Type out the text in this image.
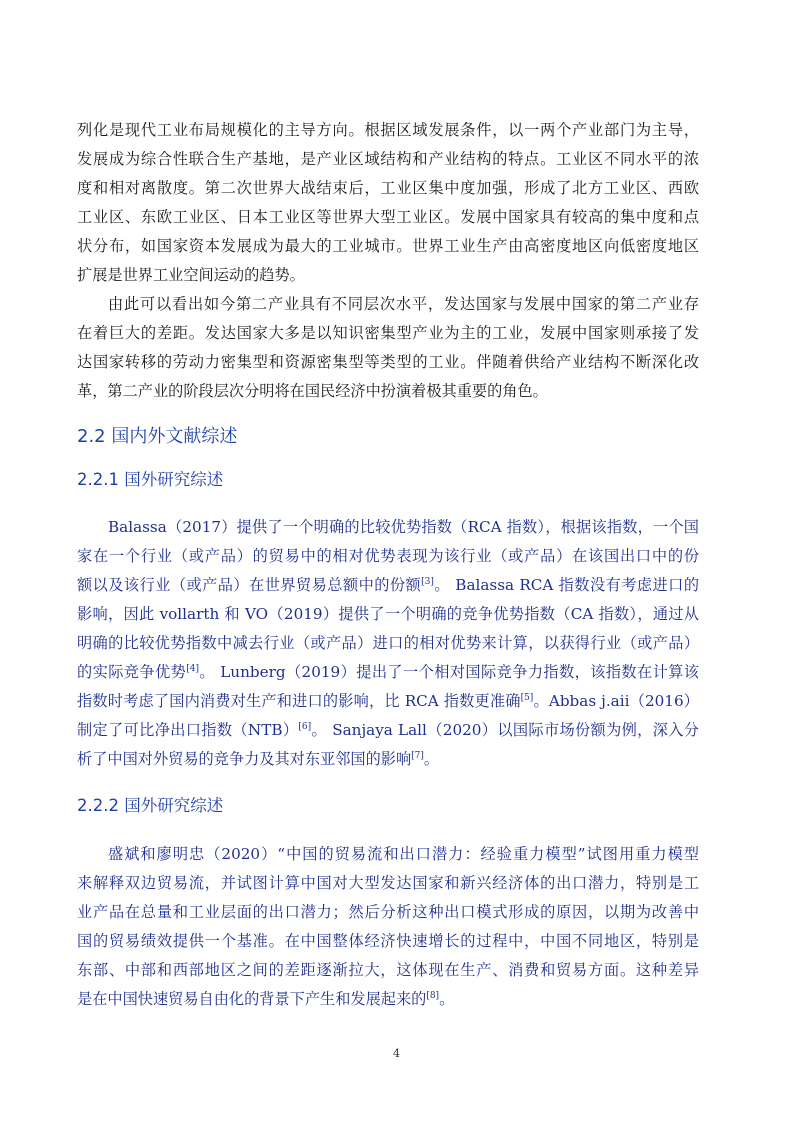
列化是现代工业布局规模化的主导方向。根据区域发展条件，以一两个产业部门为主导，
发展成为综合性联合生产基地，是产业区域结构和产业结构的特点。工业区不同水平的浓
度和相对离散度。第二次世界大战结束后，工业区集中度加强，形成了北方工业区、西欧
工业区、东欧工业区、日本工业区等世界大型工业区。发展中国家具有较高的集中度和点
状分布，如国家资本发展成为最大的工业城市。世界工业生产由高密度地区向低密度地区
扩展是世界工业空间运动的趋势。
由此可以看出如今第二产业具有不同层次水平，发达国家与发展中国家的第二产业存
在着巨大的差距。发达国家大多是以知识密集型产业为主的工业，发展中国家则承接了发
达国家转移的劳动力密集型和资源密集型等类型的工业。伴随着供给产业结构不断深化改
革，第二产业的阶段层次分明将在国民经济中扮演着极其重要的角色。
2.2 国内外文献综述
2.2.1 国外研究综述
Balassa（2017）提供了一个明确的比较优势指数（RCA 指数），根据该指数，一个国
家在一个行业（或产品）的贸易中的相对优势表现为该行业（或产品）在该国出口中的份
额以及该行业（或产品）在世界贸易总额中的份额[3]。 Balassa RCA 指数没有考虑进口的
影响，因此 vollarth 和 VO（2019）提供了一个明确的竞争优势指数（CA 指数），通过从
明确的比较优势指数中减去行业（或产品）进口的相对优势来计算，以获得行业（或产品）
的实际竞争优势[4]。 Lunberg（2019）提出了一个相对国际竞争力指数，该指数在计算该
指数时考虑了国内消费对生产和进口的影响，比 RCA 指数更准确[5]。Abbas j.aii（2016）
制定了可比净出口指数（NTB）[6]。 Sanjaya Lall（2020）以国际市场份额为例，深入分
析了中国对外贸易的竞争力及其对东亚邻国的影响[7]。
2.2.2 国外研究综述
盛斌和廖明忠（2020）“中国的贸易流和出口潜力：经验重力模型”试图用重力模型
来解释双边贸易流，并试图计算中国对大型发达国家和新兴经济体的出口潜力，特别是工
业产品在总量和工业层面的出口潜力；然后分析这种出口模式形成的原因，以期为改善中
国的贸易绩效提供一个基准。在中国整体经济快速增长的过程中，中国不同地区，特别是
东部、中部和西部地区之间的差距逐渐拉大，这体现在生产、消费和贸易方面。这种差异
是在中国快速贸易自由化的背景下产生和发展起来的[8]。
4
